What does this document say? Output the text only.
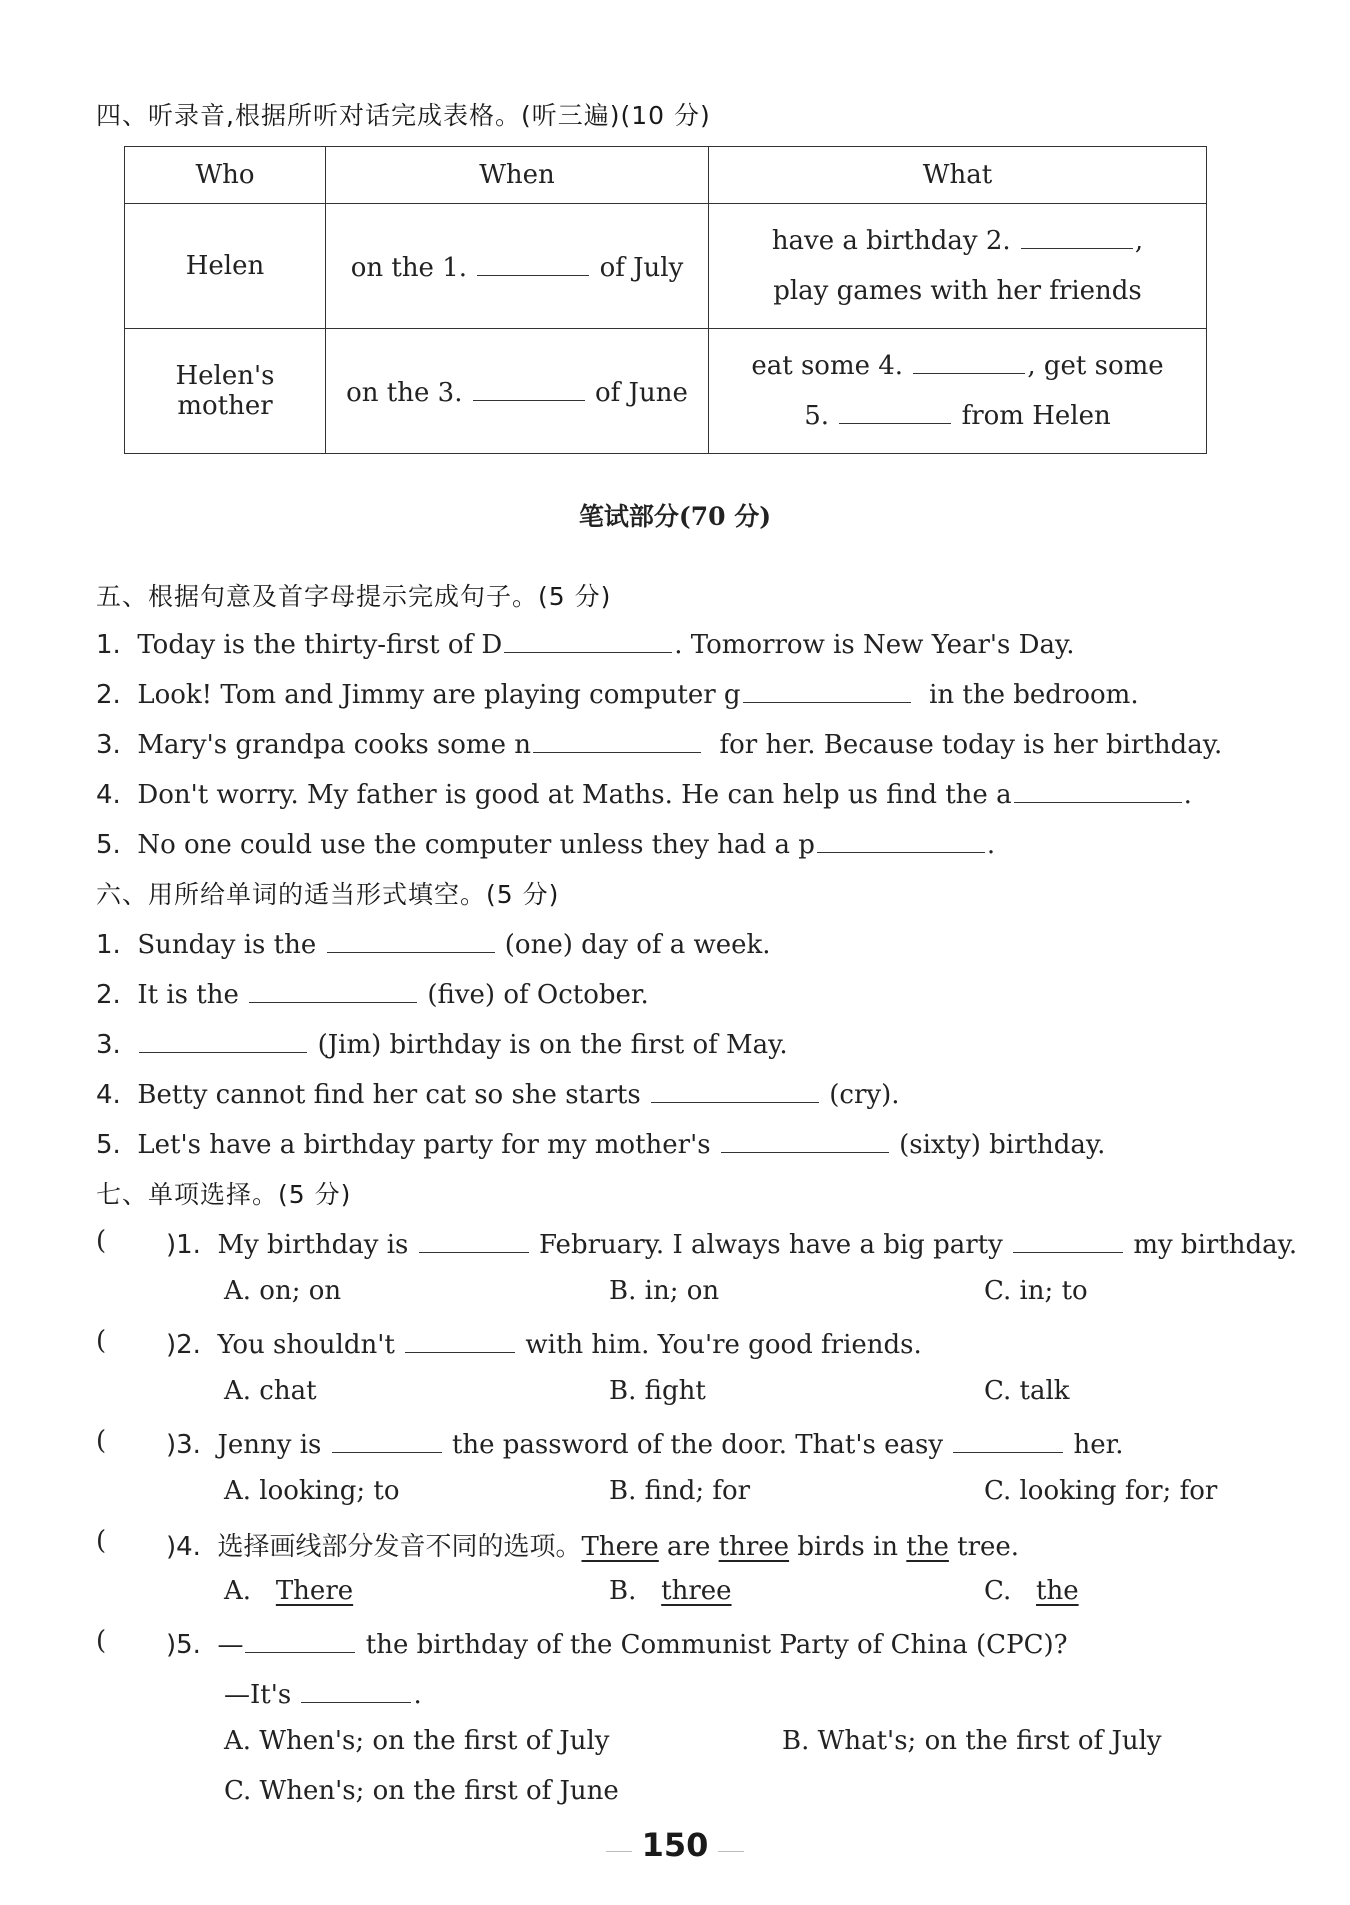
四、听录音,根据所听对话完成表格。(听三遍)(10 分)
Who	When	What
Helen	on the 1. of July	have a birthday 2. ,
play games with her friends

Helen's mother	on the 3. of June	eat some 4. , get some
5. from Helen
笔试部分(70 分)
五、根据句意及首字母提示完成句子。(5 分)
1. Today is the thirty-first of D	. Tomorrow is New Year's Day.
2. Look! Tom and Jimmy are playing computer g	in the bedroom.
3. Mary's grandpa cooks some n	for her. Because today is her birthday.
4. Don't worry. My father is good at Maths. He can help us find the a	.
5. No one could use the computer unless they had a p	.
六、用所给单词的适当形式填空。(5 分)
1. Sunday is the	(one) day of a week.
2. It is the	(five) of October.
3.	(Jim) birthday is on the first of May.
4. Betty cannot find her cat so she starts	(cry).
5. Let's have a birthday party for my mother's	(sixty) birthday.
七、单项选择。(5 分)
( )1. My birthday is	February. I always have a big party	my birthday.
A. on; on	B. in; on	C. in; to
( )2. You shouldn't	with him. You're good friends.
A. chat	B. fight	C. talk
( )3. Jenny is	the password of the door. That's easy	her.
A. looking; to	B. find; for	C. looking for; for
( )4. 选择画线部分发音不同的选项。There are three birds in the tree.
A. There	B. three	C. the
( )5. —	the birthday of the Communist Party of China (CPC)?
—It's	.
A. When's; on the first of July	B. What's; on the first of July
C. When's; on the first of June
150
